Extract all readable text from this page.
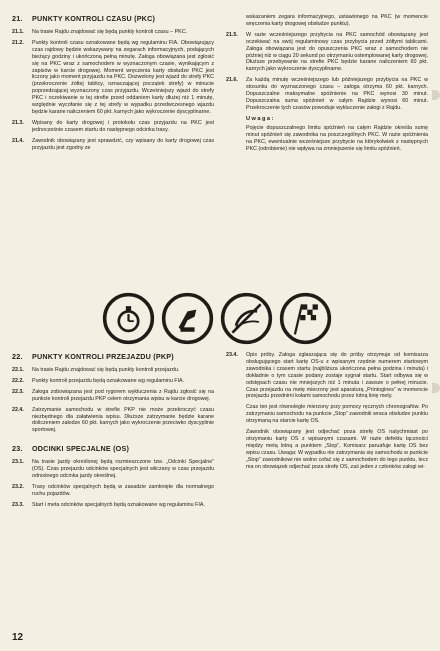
21.	PUNKTY KONTROLI CZASU (PKC)
21.1.	Na trasie Rajdu znajdować się będą punkty kontroli czasu – PKC.
21.2.	Punkty kontroli czasu oznakowane będą wg regulaminu FIA. Obowiązujący czas rajdowy będzie wskazywany na zegarach informacyjnych, podających bieżący godziny i ukończoną pełną minutę. Załoga obowiązana jest zgłosić się na PKC wraz z samochodem w wyznaczonym czasie, wynikającym z zapisów w karcie drogowej. Moment wręczenia karty obsłudze PKC jest liczony jako moment przyjazdu na PKC. Dozwolony jest wjazd do strefy PKC (przekroczenie żółtej tablicy, oznaczającej początek strefy) w minucie poprzedzającej wyznaczony czas przyjazdu. Wcześniejszy wjazd do strefy PKC i oczekiwanie w tej strefie przed oddaniem karty dłużej niż 1 minutę, względnie wycofanie się z tej strefy w wypadku przedwczesnego wjazdu będzie karane naliczeniem 60 pkt. karnych jako wykroczenie dyscyplinarne.
21.3.	Wpisany do karty drogowej i protokołu czas przyjazdu na PKC jest jednocześnie czasem startu do następnego odcinka trasy.
21.4.	Zawodnik obowiązany jest sprawdzić, czy wpisany do karty drogowej czas przyjazdu jest zgodny ze
wskazaniem zegara informacyjnego, ustawionego na PKC (w momencie wręczenia karty drogowej obsłudze punktu).
21.5.	W razie wcześniejszego przybycia na PKC samochód obowiązany jest oczekiwać na swój regulaminowy czas przybycia przed żółtymi tablicami. Załoga obowiązana jest do opuszczenia PKC wraz z samochodem nie później niż w ciągu 20 sekund po otrzymaniu ostemplowanej karty drogowej. Dłuższe przebywanie na strefie PKC będzie karane naliczeniem 60 pkt. karnych jako wykroczenie dyscyplinarne.
21.6.	Za każdą minutę wcześniejszego lub późniejszego przybycia na PKC w stosunku do wyznaczonego czasu – załoga otrzyma 60 pkt. karnych. Dopuszczalne maksymalne spóźnienie na PKC wynosi 30 minut. Dopuszczalna suma spóźnień w całym Rajdzie wynosi 60 minut. Przekroczenie tych czasów powoduje wykluczenie załogi z Rajdu.
Uwaga:
Pojęcie dopuszczalnego limitu spóźnień na całym Rajdzie określa sumę minut spóźnień się zawodnika na poszczególnych PKC. W razie spóźnienia na PKC, ewentualnie wcześniejsze przybycie na którykolwiek z następnych PKC (odrobienie) nie wpływa na zmniejszenie się limitu spóźnień.
22.	PUNKTY KONTROLI PRZEJAZDU (PKP)
22.1.	Na trasie Rajdu znajdować się będą punkty kontroli przejazdu.
22.2.	Punkty kontroli przejazdu będą oznakowane wg regulaminu FIA.
22.3.	Załoga zobowiązana jest pod rygorem wykluczenia z Rajdu zgłosić się na punkcie kontroli przejazdu PKP celem otrzymania wpisu w karcie drogowej.
22.4.	Zatrzymanie samochodu w strefie PKP nie może przekroczyć czasu niezbędnego dla załatwienia wpisu. Dłuższe zatrzymanie będzie karane doliczeniem załodze 60 pkt. karnych jako wykroczenie przeciwko dyscyplinie sportowej.
23.	ODCINKI SPECJALNE (OS)
23.1.	Na trasie jazdy określonej będą rozmieszczone tzw. „Odcinki Specjalne” (OS). Czas przejazdu odcinków specjalnych jest wliczany w czas przejazdu odnośnego odcinka jazdy określnej.
23.2.	Trasy odcinków specjalnych będą w zasadzie zamknięte dla normalnego ruchu pojazdów.
23.3.	Start i meta odcinków specjalnych będą oznakowane wg regulaminu FIA.
23.4.	Opis próby. Załoga zgłaszająca się do próby otrzymuje od komisarza obsługującego start kartę OS-u z wpisanym rzędnie numerem startowym zawodnika i czasem startu (najbliższa ukończona pełna godzina i minuta) i dokładnie o tym czasie podany zostaje sygnał startu. Start odbywa się w odstępach czasu nie mniejszych niż 1 minuta i zawsze o pełnej minucie. Czas przejazdu na metę mierzony jest aparaturą „Printogines” w momencie przejazdu przednimi kołami samochodu przez lotną linię mety.
Czas ten jest równolegle mierzony przy pomocy ręcznych chronografów. Po zatrzymaniu samochodu na punkcie „Stop” zawodnik wraca obsłudze punktu otrzymaną na starcie kartę OS.
Zawodnik obowiązany jest odjechać poza strefę OS natychmiast po otrzymaniu karty OS z wpisanymi czasami. W razie defektu łączności między metą lotną a punktem „Stop”, Komisarz paruafuje kartę OS bez wpisu czasu. Uwaga: W wypadku nie zatrzymania się samochodu w punkcie „Stop” zawodnikowi nie wolno cofać się z samochodem do tego punktu, lecz ma on obowiązek odjechać poza strefę OS, zaś jeden z członków załogi wi-
12
